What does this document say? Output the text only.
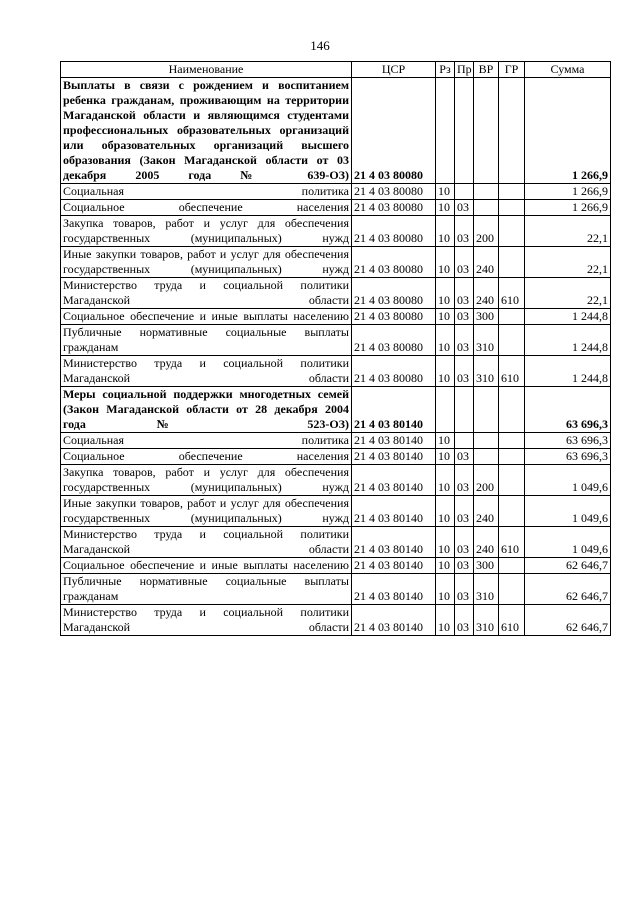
146
Наименование	ЦСР	Рз	Пр	ВР	ГР	Сумма
Выплаты в связи с рождением и воспитанием ребенка гражданам, проживающим на территории Магаданской области и являющимся студентами профессиональных образовательных организаций или образовательных организаций высшего образования (Закон Магаданской области от 03 декабря 2005 года № 639-ОЗ)	21 4 03 80080					1 266,9
Социальная политика	21 4 03 80080	10				1 266,9
Социальное обеспечение населения	21 4 03 80080	10	03			1 266,9
Закупка товаров, работ и услуг для обеспечения государственных (муниципальных) нужд	21 4 03 80080	10	03	200		22,1
Иные закупки товаров, работ и услуг для обеспечения государственных (муниципальных) нужд	21 4 03 80080	10	03	240		22,1
Министерство труда и социальной политики Магаданской области	21 4 03 80080	10	03	240	610	22,1
Социальное обеспечение и иные выплаты населению	21 4 03 80080	10	03	300		1 244,8
Публичные нормативные социальные выплаты гражданам	21 4 03 80080	10	03	310		1 244,8
Министерство труда и социальной политики Магаданской области	21 4 03 80080	10	03	310	610	1 244,8
Меры социальной поддержки многодетных семей (Закон Магаданской области от 28 декабря 2004 года № 523-ОЗ)	21 4 03 80140					63 696,3
Социальная политика	21 4 03 80140	10				63 696,3
Социальное обеспечение населения	21 4 03 80140	10	03			63 696,3
Закупка товаров, работ и услуг для обеспечения государственных (муниципальных) нужд	21 4 03 80140	10	03	200		1 049,6
Иные закупки товаров, работ и услуг для обеспечения государственных (муниципальных) нужд	21 4 03 80140	10	03	240		1 049,6
Министерство труда и социальной политики Магаданской области	21 4 03 80140	10	03	240	610	1 049,6
Социальное обеспечение и иные выплаты населению	21 4 03 80140	10	03	300		62 646,7
Публичные нормативные социальные выплаты гражданам	21 4 03 80140	10	03	310		62 646,7
Министерство труда и социальной политики Магаданской области	21 4 03 80140	10	03	310	610	62 646,7
